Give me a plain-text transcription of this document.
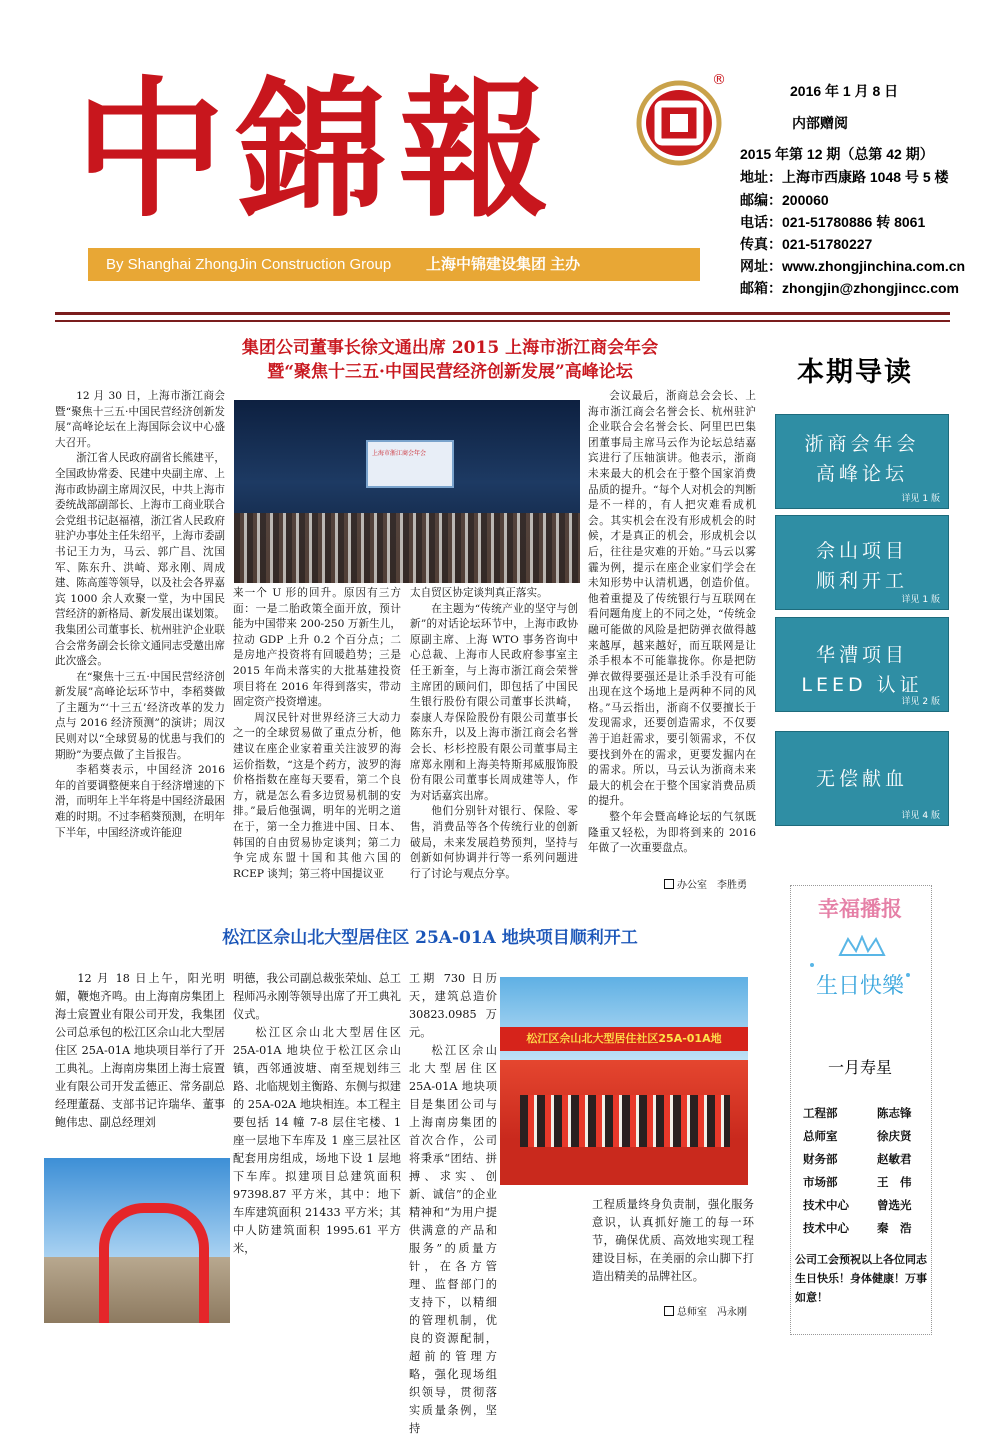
中錦報	®
By Shanghai ZhongJin Construction Group 上海中锦建设集团 主办
2016 年 1 月 8 日
内部赠阅
2015 年第 12 期（总第 42 期）
地址：上海市西康路 1048 号 5 楼
邮编：200060
电话：021-51780886 转 8061
传真：021-51780227
网址：www.zhongjinchina.com.cn
邮箱：zhongjin@zhongjincc.com
集团公司董事长徐文通出席 2015 上海市浙江商会年会
暨“聚焦十三五·中国民营经济创新发展”高峰论坛

12 月 30 日，上海市浙江商会暨“聚焦十三五·中国民营经济创新发展”高峰论坛在上海国际会议中心盛大召开。

浙江省人民政府副省长熊建平，全国政协常委、民建中央副主席、上海市政协副主席周汉民，中共上海市委统战部副部长、上海市工商业联合会党组书记赵福禧，浙江省人民政府驻沪办事处主任朱绍平，上海市委副书记王力为，马云、郭广昌、沈国军、陈东升、洪崎、郑永刚、周成建、陈高莲等领导，以及社会各界嘉宾 1000 余人欢聚一堂，为中国民营经济的新格局、新发展出谋划策。我集团公司董事长、杭州驻沪企业联合会常务副会长徐文通同志受邀出席此次盛会。

在“聚焦十三五·中国民营经济创新发展”高峰论坛环节中，李稻葵做了主题为“‘十三五’经济改革的发力点与 2016 经济预测”的演讲；周汉民则对以“全球贸易的忧患与我们的期盼”为要点做了主旨报告。

李稻葵表示，中国经济 2016 年的首要调整便来自于经济增速的下滑，而明年上半年将是中国经济最困难的时期。不过李稻葵预测，在明年下半年，中国经济或许能迎

上海市浙江商会年会

来一个 U 形的回升。原因有三方面：一是二胎政策全面开放，预计能为中国带来 200-250 万新生儿，拉动 GDP 上升 0.2 个百分点；二是房地产投资将有回暖趋势；三是 2015 年尚未落实的大批基建投资项目将在 2016 年得到落实，带动固定资产投资增速。

周汉民针对世界经济三大动力之一的全球贸易做了重点分析，他建议在座企业家着重关注波罗的海运价指数，“这是个药方，波罗的海价格指数在座每天要看，第二个良方，就是怎么看多边贸易机制的安排。”最后他强调，明年的光明之道在于，第一全力推进中国、日本、韩国的自由贸易协定谈判；第二力争完成东盟十国和其他六国的 RCEP 谈判；第三将中国提议亚

太自贸区协定谈判真正落实。

在主题为“传统产业的坚守与创新”的对话论坛环节中，上海市政协原副主席、上海 WTO 事务咨询中心总裁、上海市人民政府参事室主任王新奎，与上海市浙江商会荣誉主席团的顾问们，即包括了中国民生银行股份有限公司董事长洪崎，泰康人寿保险股份有限公司董事长陈东升，以及上海市浙江商会名誉会长、杉杉控股有限公司董事局主席郑永刚和上海美特斯邦威服饰股份有限公司董事长周成建等人，作为对话嘉宾出席。

他们分别针对银行、保险、零售，消费品等各个传统行业的创新破局，未来发展趋势预判，坚持与创新如何协调并行等一系列问题进行了讨论与观点分享。

会议最后，浙商总会会长、上海市浙江商会名誉会长、杭州驻沪企业联合会名誉会长、阿里巴巴集团董事局主席马云作为论坛总结嘉宾进行了压轴演讲。他表示，浙商未来最大的机会在于整个国家消费品质的提升。“每个人对机会的判断是不一样的，有人把灾难看成机会。其实机会在没有形成机会的时候，才是真正的机会，形成机会以后，往往是灾难的开始。”马云以雾霾为例，提示在座企业家们学会在未知形势中认清机遇，创造价值。他着重提及了传统银行与互联网在看问题角度上的不同之处，“传统金融可能做的风险是把防弹衣做得越来越厚，越来越好，而互联网是让杀手根本不可能靠拢你。你是把防弹衣做得要强还是让杀手没有可能出现在这个场地上是两种不同的风格。”马云指出，浙商不仅要擅长于发现需求，还要创造需求，不仅要善于追赶需求，要引领需求，不仅要找到外在的需求，更要发掘内在的需求。所以，马云认为浙商未来最大的机会在于整个国家消费品质的提升。

整个年会暨高峰论坛的气氛既隆重又轻松，为即将到来的 2016 年做了一次重要盘点。

办公室　李胜勇
本期导读
浙商会年会
高峰论坛
详见 1 版
佘山项目
顺利开工
详见 1 版
华漕项目
LEED 认证
详见 2 版
无偿献血
详见 4 版
松江区佘山北大型居住区 25A-01A 地块项目顺利开工

12 月 18 日上午，阳光明媚，鞭炮齐鸣。由上海南房集团上海士宸置业有限公司开发，我集团公司总承包的松江区佘山北大型居住区 25A-01A 地块项目举行了开工典礼。上海南房集团上海士宸置业有限公司开发孟德正、常务副总经理董磊、支部书记许瑞华、董事鲍伟忠、副总经理刘

明德，我公司副总裁张荣灿、总工程师冯永刚等领导出席了开工典礼仪式。

松江区佘山北大型居住区 25A-01A 地块位于松江区佘山镇，西邻通波塘、南至规划纬三路、北临规划主衡路、东侧与拟建的 25A-02A 地块相连。本工程主要包括 14 幢 7-8 层住宅楼、1 座一层地下车库及 1 座三层社区配套用房组成，场地下设 1 层地下车库。拟建项目总建筑面积 97398.87 平方米，其中：地下车库建筑面积 21433 平方米；其中人防建筑面积 1995.61 平方米，

工期 730 日历天，建筑总造价 30823.0985 万元。

松江区佘山北大型居住区 25A-01A 地块项目是集团公司与上海南房集团的首次合作，公司将秉承“团结、拼搏、求实、创新、诚信”的企业精神和“为用户提供满意的产品和服务”的质量方针，在各方管理、监督部门的支持下，以精细的管理机制，优良的资源配制，超前的管理方略，强化现场组织领导，贯彻落实质量条例，坚持

松江区佘山北大型居住社区25A-01A地

工程质量终身负责制，强化服务意识，认真抓好施工的每一环节，确保优质、高效地实现工程建设目标，在美丽的佘山脚下打造出精美的品牌社区。

总师室　冯永刚
幸福播报
生日快樂
一月寿星
工程部	陈志锋
总师室	徐庆贤
财务部	赵敏君
市场部	王　伟
技术中心 曾选光
技术中心 秦　浩
公司工会预祝以上各位同志生日快乐！身体健康！万事如意！
